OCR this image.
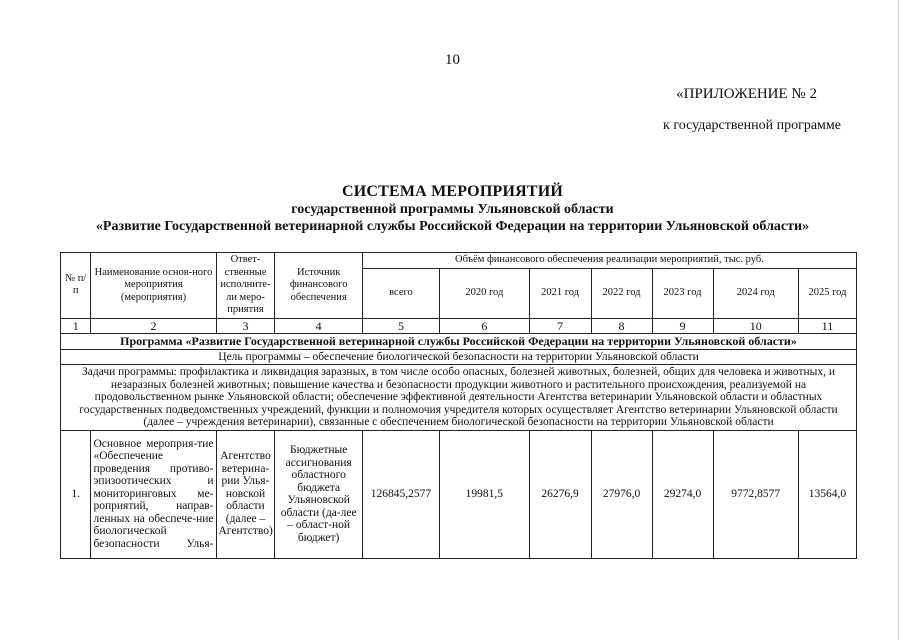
10
«ПРИЛОЖЕНИЕ № 2
к государственной программе
СИСТЕМА МЕРОПРИЯТИЙ
государственной программы Ульяновской области
«Развитие Государственной ветеринарной службы Российской Федерации на территории Ульяновской области»
№ п/п	Наименование основ-ного мероприятия (мероприятия)	Ответ-ственные исполните-ли меро-приятия	Источник финансового обеспечения	Объём финансового обеспечения реализации мероприятий, тыс. руб.						
				всего	2020 год	2021 год	2022 год	2023 год	2024 год	2025 год
1	2	3	4	5	6	7	8	9	10	11
Программа «Развитие Государственной ветеринарной службы Российской Федерации на территории Ульяновской области»										
Цель программы – обеспечение биологической безопасности на территории Ульяновской области										
Задачи программы: профилактика и ликвидация заразных, в том числе особо опасных, болезней животных, болезней, общих для человека и животных, и незаразных болезней животных; повышение качества и безопасности продукции животного и растительного происхождения, реализуемой на продовольственном рынке Ульяновской области; обеспечение эффективной деятельности Агентства ветеринарии Ульяновской области и областных государственных подведомственных учреждений, функции и полномочия учредителя которых осуществляет Агентство ветеринарии Ульяновской области (далее – учреждения ветеринарии), связанные с обеспечением биологической безопасности на территории Ульяновской области										
1.	Основное мероприя-тие «Обеспечение проведения противо-эпизоотических и мониторинговых ме-роприятий, направ-ленных на обеспече-ние биологической безопасности Улья-	Агентство ветерина-рии Улья-новской области (далее – Агентство)	Бюджетные ассигнования областного бюджета Ульяновской области (да-лее – област-ной бюджет)	126845,2577	19981,5	26276,9	27976,0	29274,0	9772,8577	13564,0
